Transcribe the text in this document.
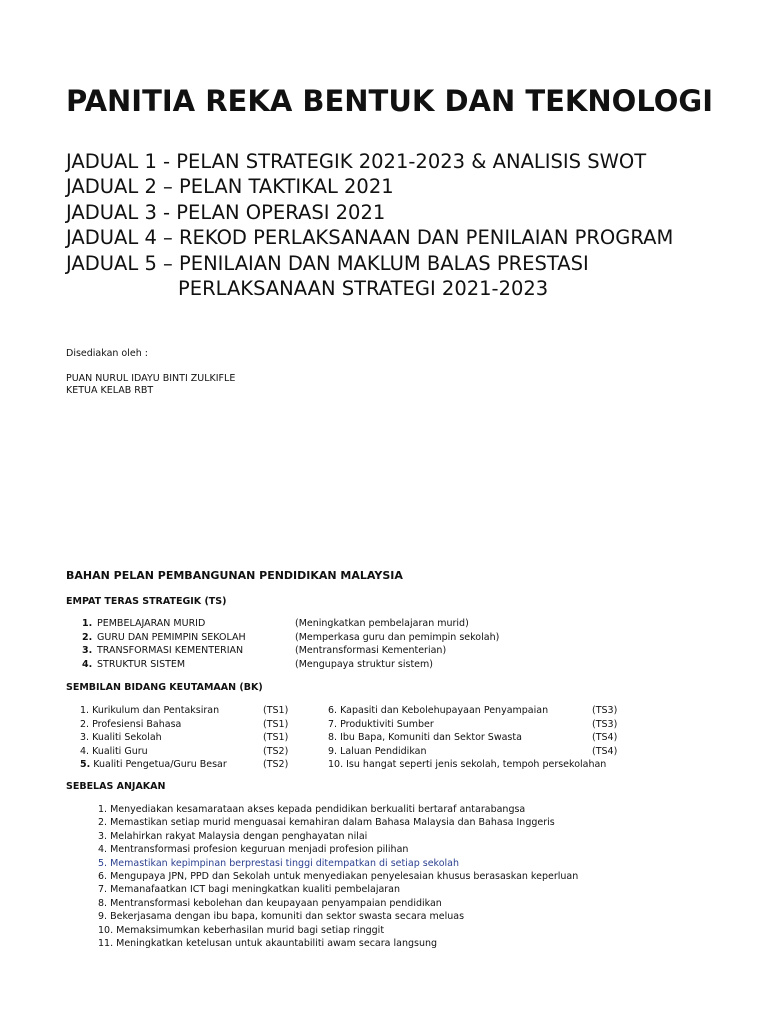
PANITIA REKA BENTUK DAN TEKNOLOGI
JADUAL 1 - PELAN STRATEGIK 2021-2023 & ANALISIS SWOT
JADUAL 2 – PELAN TAKTIKAL 2021
JADUAL 3 - PELAN OPERASI 2021
JADUAL 4 – REKOD PERLAKSANAAN DAN PENILAIAN PROGRAM
JADUAL 5 – PENILAIAN DAN MAKLUM BALAS PRESTASI
PERLAKSANAAN STRATEGI 2021-2023
Disediakan oleh :
PUAN NURUL IDAYU BINTI ZULKIFLE
KETUA KELAB RBT
BAHAN PELAN PEMBANGUNAN PENDIDIKAN MALAYSIA
EMPAT TERAS STRATEGIK (TS)
1. PEMBELAJARAN MURID	(Meningkatkan pembelajaran murid)
2. GURU DAN PEMIMPIN SEKOLAH	(Memperkasa guru dan pemimpin sekolah)
3. TRANSFORMASI KEMENTERIAN	(Mentransformasi Kementerian)
4. STRUKTUR SISTEM	(Mengupaya struktur sistem)
SEMBILAN BIDANG KEUTAMAAN (BK)
1. Kurikulum dan Pentaksiran	(TS1)	6. Kapasiti dan Kebolehupayaan Penyampaian	(TS3)
2. Profesiensi Bahasa	(TS1)	7. Produktiviti Sumber	(TS3)
3. Kualiti Sekolah	(TS1)	8. Ibu Bapa, Komuniti dan Sektor Swasta	(TS4)
4. Kualiti Guru	(TS2)	9. Laluan Pendidikan	(TS4)
5. Kualiti Pengetua/Guru Besar	(TS2)	10. Isu hangat seperti jenis sekolah, tempoh persekolahan
SEBELAS ANJAKAN
1. Menyediakan kesamarataan akses kepada pendidikan berkualiti bertaraf antarabangsa
2. Memastikan setiap murid menguasai kemahiran dalam Bahasa Malaysia dan Bahasa Inggeris
3. Melahirkan rakyat Malaysia dengan penghayatan nilai
4. Mentransformasi profesion keguruan menjadi profesion pilihan
5. Memastikan kepimpinan berprestasi tinggi ditempatkan di setiap sekolah
6. Mengupaya JPN, PPD dan Sekolah untuk menyediakan penyelesaian khusus berasaskan keperluan
7. Memanafaatkan ICT bagi meningkatkan kualiti pembelajaran
8. Mentransformasi kebolehan dan keupayaan penyampaian pendidikan
9. Bekerjasama dengan ibu bapa, komuniti dan sektor swasta secara meluas
10. Memaksimumkan keberhasilan murid bagi setiap ringgit
11. Meningkatkan ketelusan untuk akauntabiliti awam secara langsung
